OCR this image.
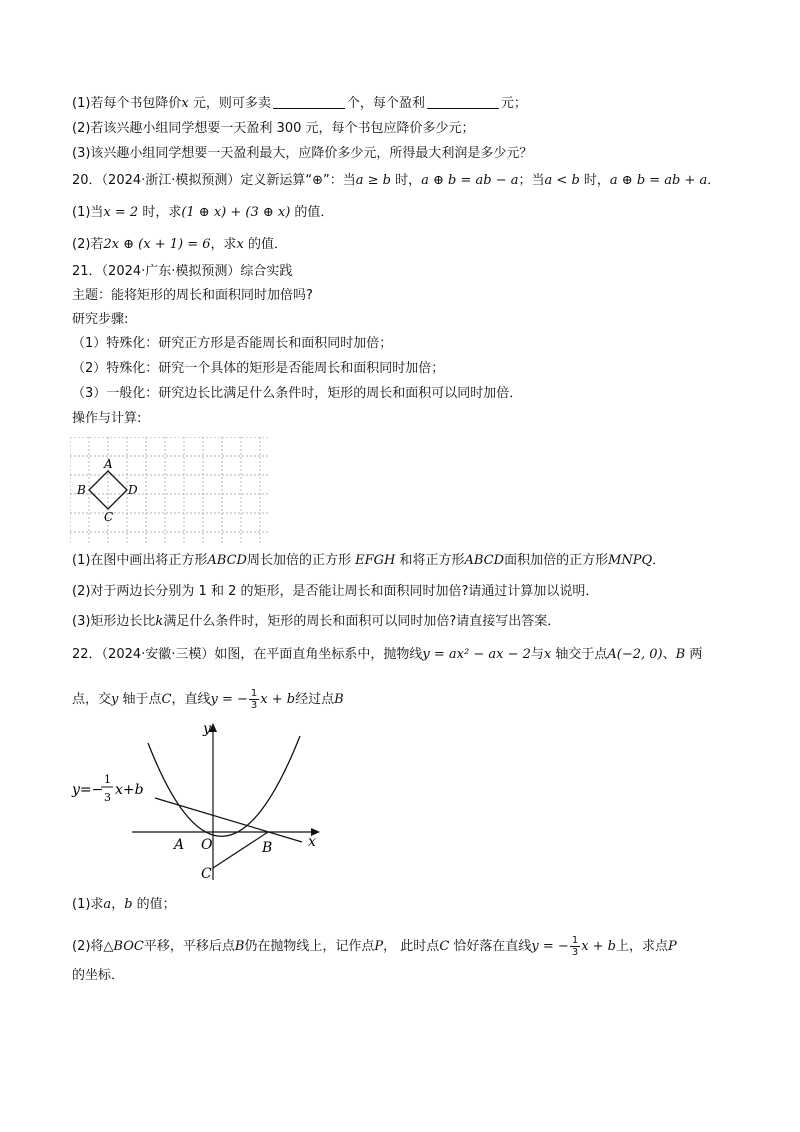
(1)若每个书包降价x 元，则可多卖	个，每个盈利	元；
(2)若该兴趣小组同学想要一天盈利 300 元，每个书包应降价多少元；
(3)该兴趣小组同学想要一天盈利最大，应降价多少元，所得最大利润是多少元？
20．（2024·浙江·模拟预测）定义新运算“⊕”：当a ≥ b 时，a ⊕ b = ab − a；当a < b 时，a ⊕ b = ab + a．
(1)当x = 2 时，求(1 ⊕ x) + (3 ⊕ x) 的值．
(2)若2x ⊕ (x + 1) = 6，求x 的值．
21．（2024·广东·模拟预测）综合实践
主题：能将矩形的周长和面积同时加倍吗?
研究步骤:
（1）特殊化：研究正方形是否能周长和面积同时加倍；
（2）特殊化：研究一个具体的矩形是否能周长和面积同时加倍；
（3）一般化：研究边长比满足什么条件时，矩形的周长和面积可以同时加倍．
操作与计算:
A
B
C
D
(1)在图中画出将正方形ABCD周长加倍的正方形 EFGH 和将正方形ABCD面积加倍的正方形MNPQ．
(2)对于两边长分别为 1 和 2 的矩形，是否能让周长和面积同时加倍?请通过计算加以说明．
(3)矩形边长比k满足什么条件时，矩形的周长和面积可以同时加倍?请直接写出答案．
22．（2024·安徽·三模）如图，在平面直角坐标系中，抛物线y = ax² − ax − 2与x 轴交于点A(−2, 0)、B 两
点，交y 轴于点C，直线y = − $\frac{1}{3}$ x + b经过点B
y
x
A O	B
C
y=−
1
3 x+b
(1)求a，b 的值；
(2)将△BOC平移，平移后点B仍在抛物线上，记作点P， 此时点C 恰好落在直线y = − $\frac{1}{3}$ x + b上，求点P
的坐标．
